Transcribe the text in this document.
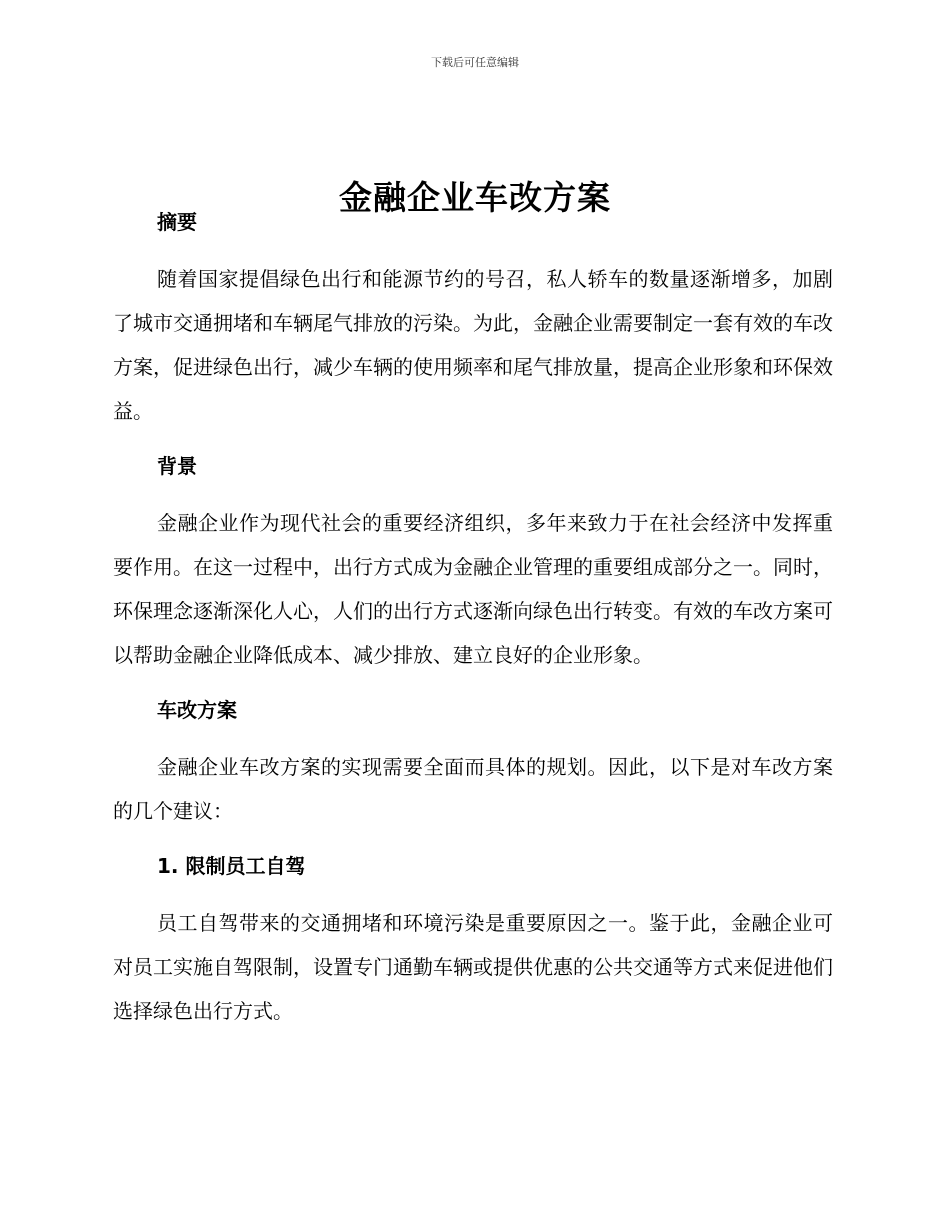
下载后可任意编辑
金融企业车改方案
摘要

随着国家提倡绿色出行和能源节约的号召，私人轿车的数量逐渐增多，加剧了城市交通拥堵和车辆尾气排放的污染。为此，金融企业需要制定一套有效的车改方案，促进绿色出行，减少车辆的使用频率和尾气排放量，提高企业形象和环保效益。

背景

金融企业作为现代社会的重要经济组织，多年来致力于在社会经济中发挥重要作用。在这一过程中，出行方式成为金融企业管理的重要组成部分之一。同时，环保理念逐渐深化人心，人们的出行方式逐渐向绿色出行转变。有效的车改方案可以帮助金融企业降低成本、减少排放、建立良好的企业形象。

车改方案

金融企业车改方案的实现需要全面而具体的规划。因此，以下是对车改方案的几个建议：

1. 限制员工自驾

员工自驾带来的交通拥堵和环境污染是重要原因之一。鉴于此，金融企业可对员工实施自驾限制，设置专门通勤车辆或提供优惠的公共交通等方式来促进他们选择绿色出行方式。
